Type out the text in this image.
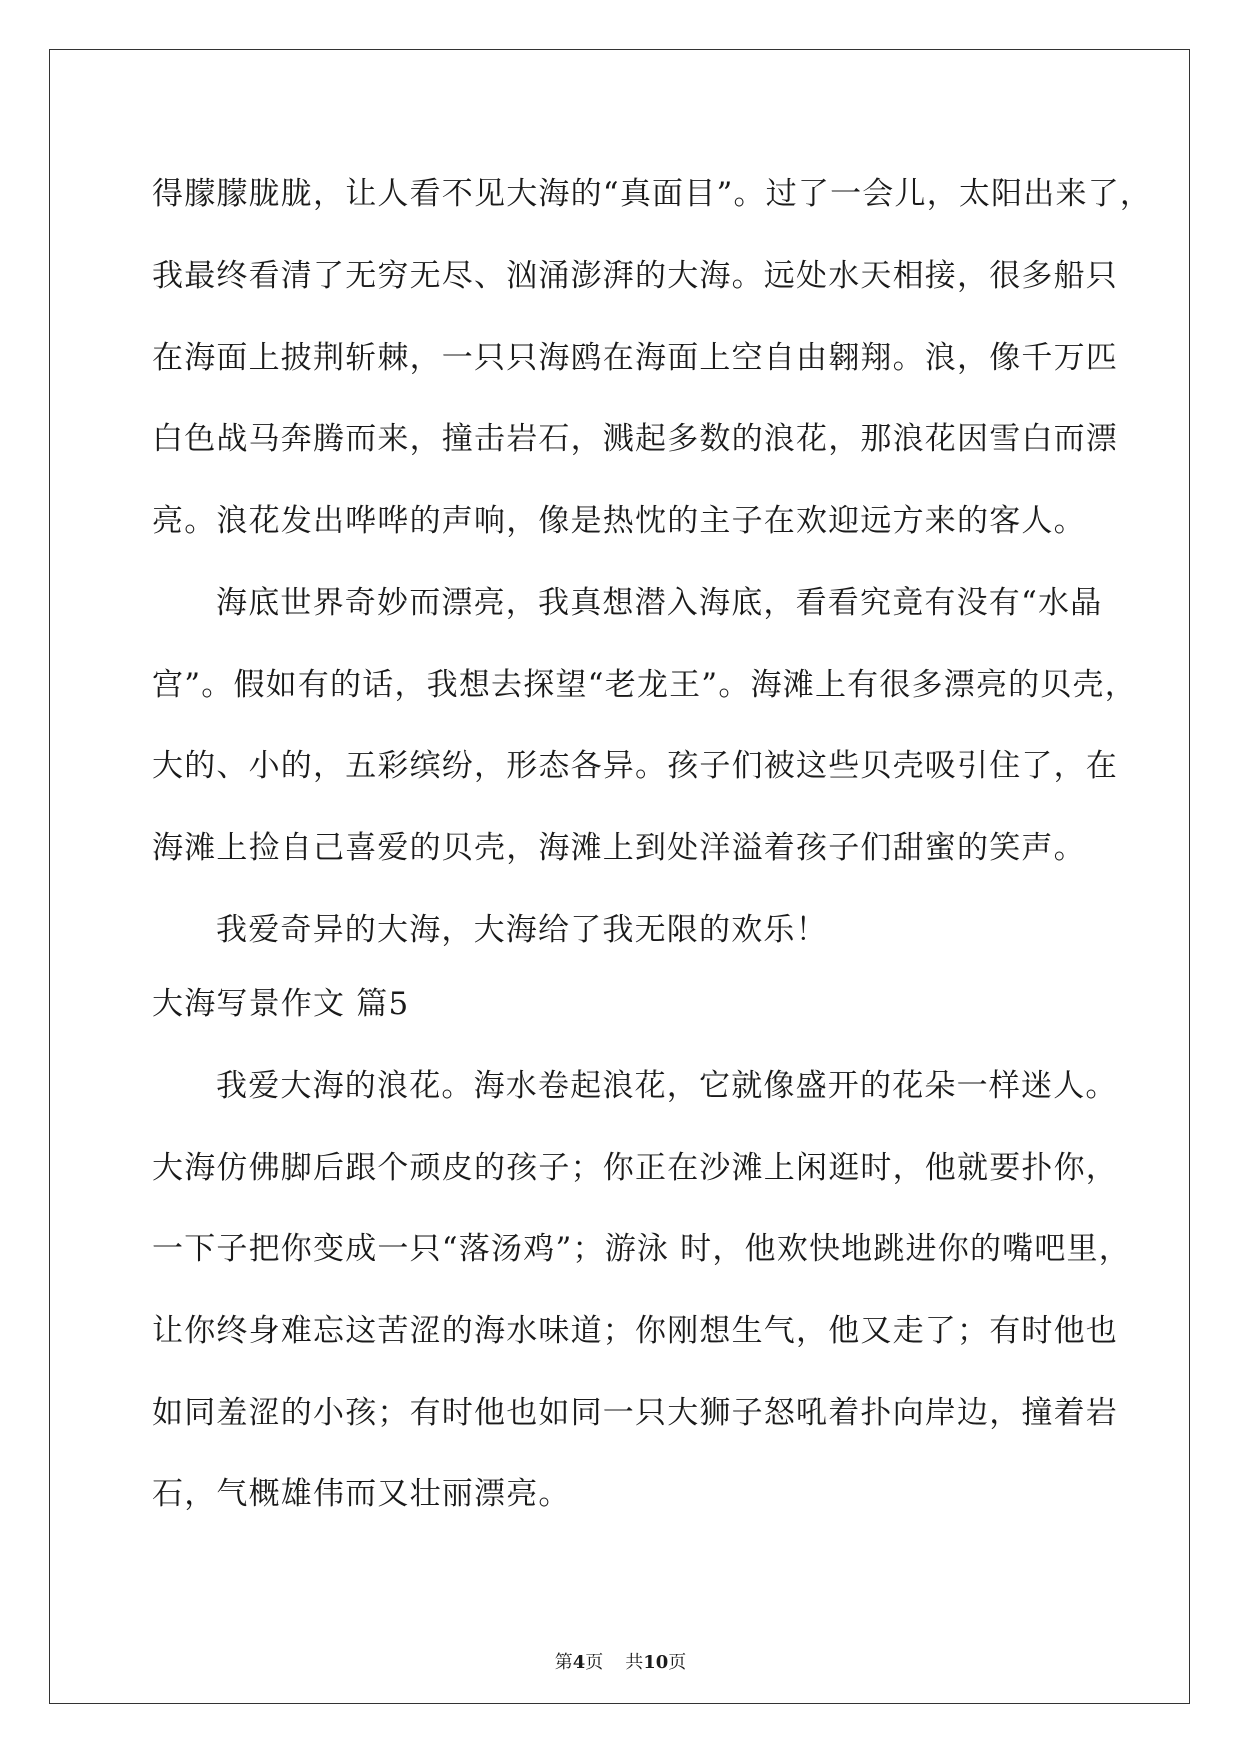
得朦朦胧胧，让人看不见大海的“真面目”。过了一会儿，太阳出来了，
我最终看清了无穷无尽、汹涌澎湃的大海。远处水天相接，很多船只
在海面上披荆斩棘，一只只海鸥在海面上空自由翱翔。浪，像千万匹
白色战马奔腾而来，撞击岩石，溅起多数的浪花，那浪花因雪白而漂
亮。浪花发出哗哗的声响，像是热忱的主子在欢迎远方来的客人。
海底世界奇妙而漂亮，我真想潜入海底，看看究竟有没有“水晶
宫”。假如有的话，我想去探望“老龙王”。海滩上有很多漂亮的贝壳，
大的、小的，五彩缤纷，形态各异。孩子们被这些贝壳吸引住了，在
海滩上捡自己喜爱的贝壳，海滩上到处洋溢着孩子们甜蜜的笑声。
我爱奇异的大海，大海给了我无限的欢乐！
大海写景作文 篇5
我爱大海的浪花。海水卷起浪花，它就像盛开的花朵一样迷人。
大海仿佛脚后跟个顽皮的孩子；你正在沙滩上闲逛时，他就要扑你，
一下子把你变成一只“落汤鸡”；游泳 时，他欢快地跳进你的嘴吧里，
让你终身难忘这苦涩的海水味道；你刚想生气，他又走了；有时他也
如同羞涩的小孩；有时他也如同一只大狮子怒吼着扑向岸边，撞着岩
石，气概雄伟而又壮丽漂亮。
第4页 共10页
